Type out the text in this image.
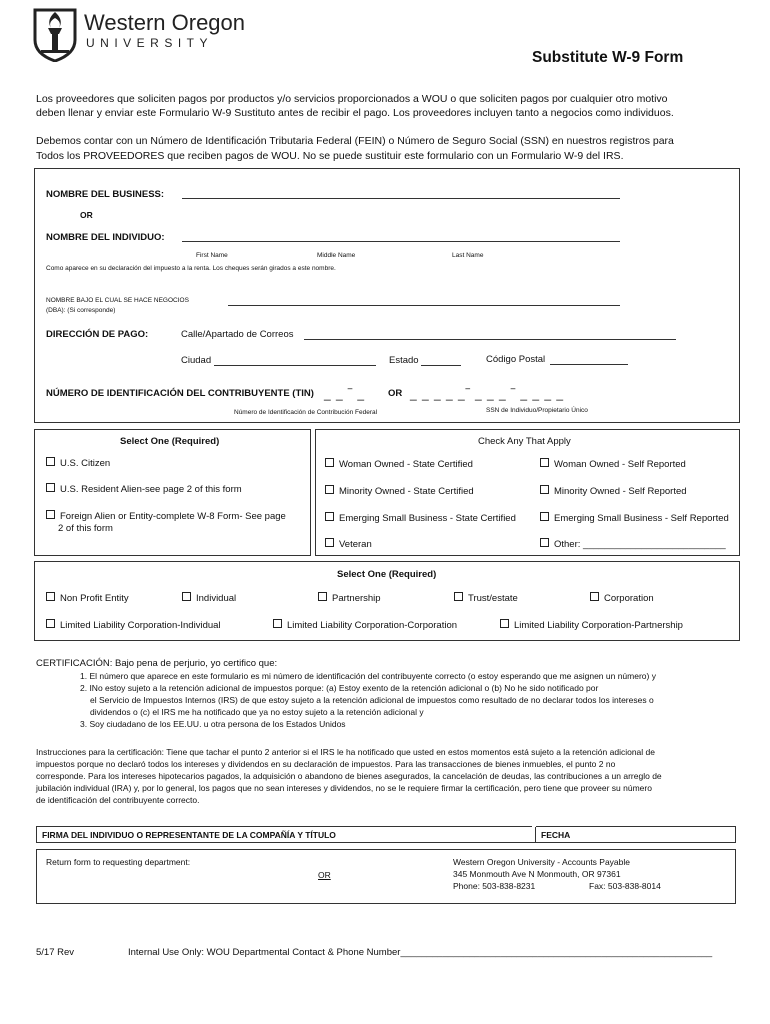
Western Oregon
UNIVERSITY
Substitute W-9 Form
Los proveedores que soliciten pagos por productos y/o servicios proporcionados a WOU o que soliciten pagos por cualquier otro motivo
deben llenar y enviar este Formulario W-9 Sustituto antes de recibir el pago. Los proveedores incluyen tanto a negocios como individuos.
Debemos contar con un Número de Identificación Tributaria Federal (FEIN) o Número de Seguro Social (SSN) en nuestros registros para
Todos los PROVEEDORES que reciben pagos de WOU. No se puede sustituir este formulario con un Formulario W-9 del IRS.
NOMBRE DEL BUSINESS:
OR
NOMBRE DEL INDIVIDUO:
First Name	Middle Name	Last Name
Como aparece en su declaración del impuesto a la renta. Los cheques serán girados a este nombre.
NOMBRE BAJO EL CUAL SE HACE NEGOCIOS
(DBA): (Si corresponde)
DIRECCIÓN DE PAGO:	Calle/Apartado de Correos
Ciudad	Estado	Código Postal
NÚMERO DE IDENTIFICACIÓN DEL CONTRIBUYENTE (TIN) _ _ ‾ _ OR _ _ _ _ _‾ _ _ _ ‾ _ _ _ _
Número de Identificación de Contribución Federal	SSN de Individuo/Propietario Único
Select One (Required)
U.S. Citizen
U.S. Resident Alien-see page 2 of this form
Foreign Alien or Entity-complete W-8 Form- See page
2 of this form
Check Any That Apply
Woman Owned - State Certified	Woman Owned - Self Reported
Minority Owned - State Certified	Minority Owned - Self Reported
Emerging Small Business - State Certified	Emerging Small Business - Self Reported
Veteran	Other: ___________________________
Select One (Required)
Non Profit Entity	Individual	Partnership	Trust/estate	Corporation
Limited Liability Corporation-Individual	Limited Liability Corporation-Corporation	Limited Liability Corporation-Partnership
CERTIFICACIÓN: Bajo pena de perjurio, yo certifico que:
1. El número que aparece en este formulario es mi número de identificación del contribuyente correcto (o estoy esperando que me asignen un número) y
2. INo estoy sujeto a la retención adicional de impuestos porque: (a) Estoy exento de la retención adicional o (b) No he sido notificado por
el Servicio de Impuestos Internos (IRS) de que estoy sujeto a la retención adicional de impuestos como resultado de no declarar todos los intereses o
dividendos o (c) el IRS me ha notificado que ya no estoy sujeto a la retención adicional y
3. Soy ciudadano de los EE.UU. u otra persona de los Estados Unidos
Instrucciones para la certificación: Tiene que tachar el punto 2 anterior si el IRS le ha notificado que usted en estos momentos está sujeto a la retención adicional de
impuestos porque no declaró todos los intereses y dividendos en su declaración de impuestos. Para las transacciones de bienes inmuebles, el punto 2 no
corresponde. Para los intereses hipotecarios pagados, la adquisición o abandono de bienes asegurados, la cancelación de deudas, las contribuciones a un arreglo de
jubilación individual (IRA) y, por lo general, los pagos que no sean intereses y dividendos, no se le requiere firmar la certificación, pero tiene que proveer su número
de identificación del contribuyente correcto.
FIRMA DEL INDIVIDUO O REPRESENTANTE DE LA COMPAÑÍA Y TÍTULO	FECHA
Return form to requesting department:
OR
Western Oregon University - Accounts Payable
345 Monmouth Ave N Monmouth, OR 97361
Phone: 503-838-8231	Fax: 503-838-8014
5/17 Rev	Internal Use Only: WOU Departmental Contact & Phone Number___________________________________________________________
